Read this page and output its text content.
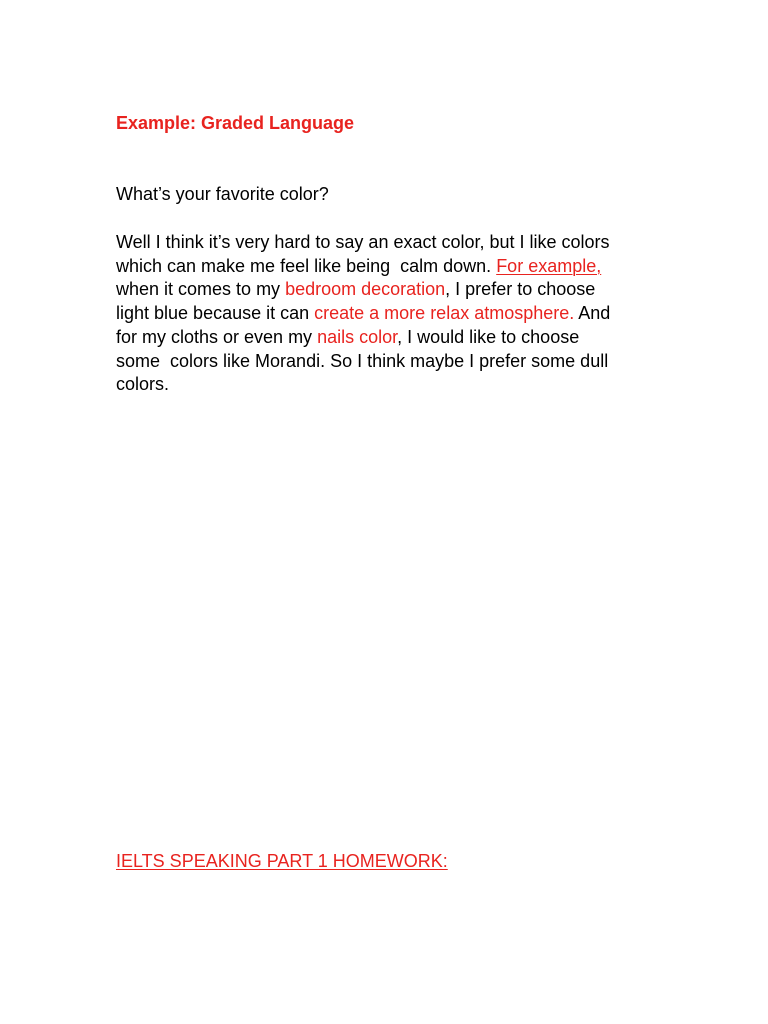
Example: Graded Language
What’s your favorite color?
Well I think it’s very hard to say an exact color, but I like colors
which can make me feel like being  calm down. For example,
when it comes to my bedroom decoration, I prefer to choose
light blue because it can create a more relax atmosphere. And
for my cloths or even my nails color, I would like to choose
some  colors like Morandi. So I think maybe I prefer some dull
colors.
IELTS SPEAKING PART 1 HOMEWORK:
